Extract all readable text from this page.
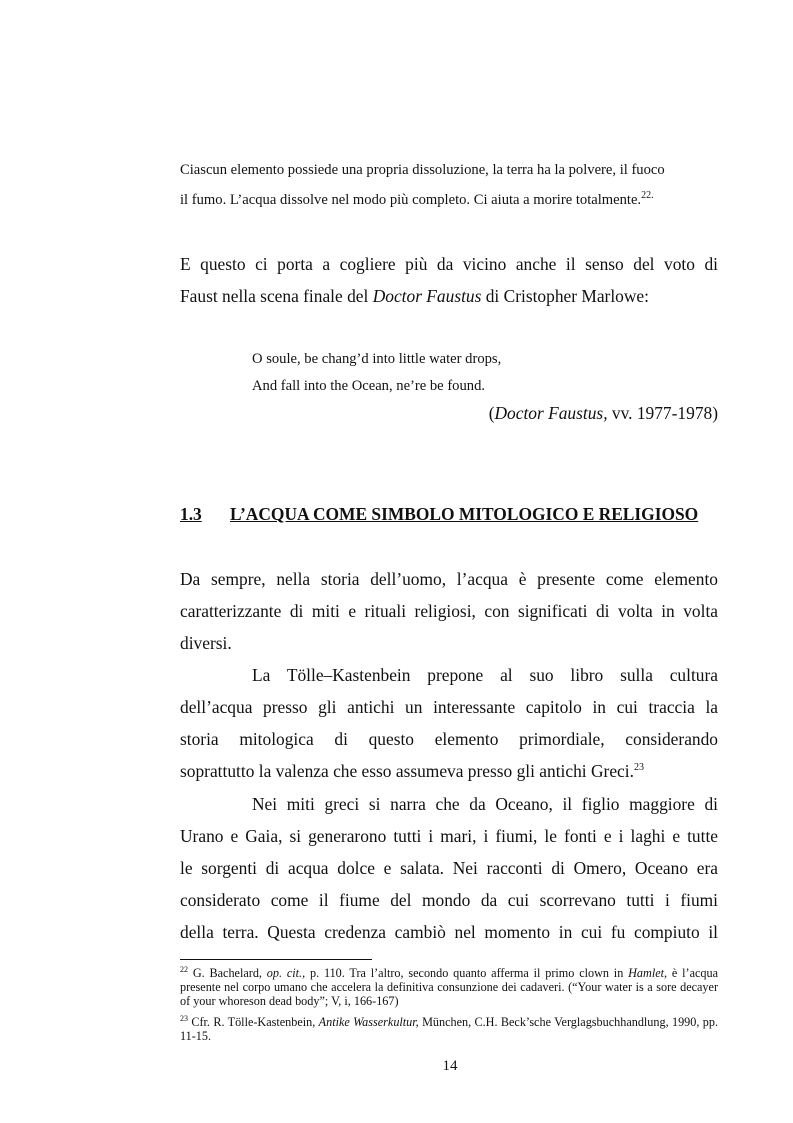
Ciascun elemento possiede una propria dissoluzione, la terra ha la polvere, il fuoco
il fumo. L’acqua dissolve nel modo più completo. Ci aiuta a morire totalmente.$^{22.}$
E questo ci porta a cogliere più da vicino anche il senso del voto di
Faust nella scena finale del Doctor Faustus di Cristopher Marlowe:
O soule, be chang’d into little water drops,
And fall into the Ocean, ne’re be found.
(Doctor Faustus, vv. 1977-1978)
1.3 L’ACQUA COME SIMBOLO MITOLOGICO E RELIGIOSO
Da sempre, nella storia dell’uomo, l’acqua è presente come elemento
caratterizzante di miti e rituali religiosi, con significati di volta in volta
diversi.
La Tölle–Kastenbein prepone al suo libro sulla cultura
dell’acqua presso gli antichi un interessante capitolo in cui traccia la
storia mitologica di questo elemento primordiale, considerando
soprattutto la valenza che esso assumeva presso gli antichi Greci.$^{23}$
Nei miti greci si narra che da Oceano, il figlio maggiore di
Urano e Gaia, si generarono tutti i mari, i fiumi, le fonti e i laghi e tutte
le sorgenti di acqua dolce e salata. Nei racconti di Omero, Oceano era
considerato come il fiume del mondo da cui scorrevano tutti i fiumi
della terra. Questa credenza cambiò nel momento in cui fu compiuto il
$^{22}$ G. Bachelard, op. cit., p. 110. Tra l’altro, secondo quanto afferma il primo clown in Hamlet, è l’acqua presente nel corpo umano che accelera la definitiva consunzione dei cadaveri. (“Your water is a sore decayer of your whoreson dead body”; V, i, 166-167)
$^{23}$ Cfr. R. Tölle-Kastenbein, Antike Wasserkultur, München, C.H. Beck’sche Verglagsbuchhandlung, 1990, pp. 11-15.
14
